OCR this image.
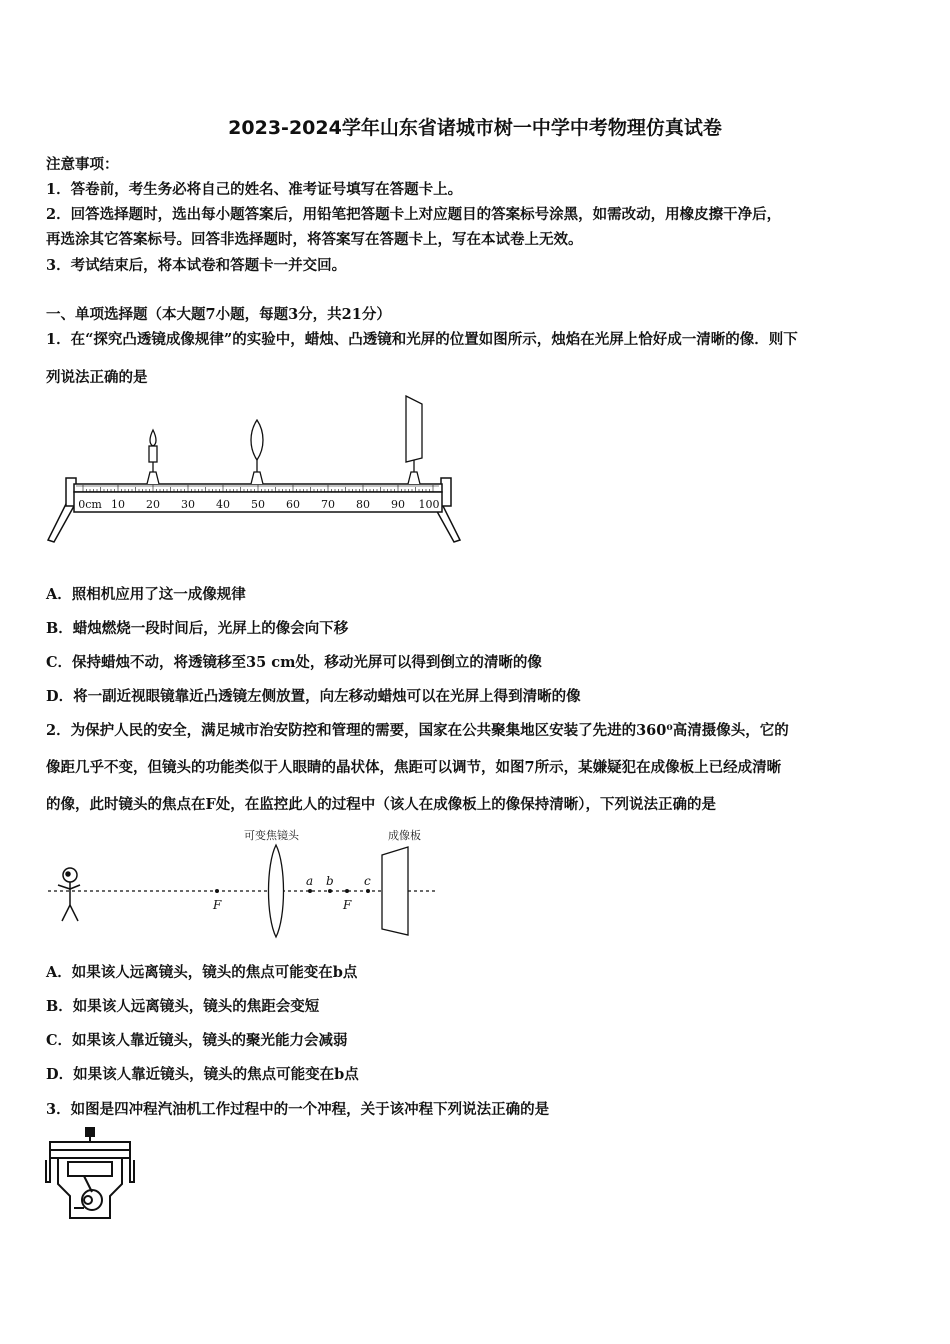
2023-2024学年山东省诸城市树一中学中考物理仿真试卷
注意事项：
1．答卷前，考生务必将自己的姓名、准考证号填写在答题卡上。
2．回答选择题时，选出每小题答案后，用铅笔把答题卡上对应题目的答案标号涂黑，如需改动，用橡皮擦干净后，
再选涂其它答案标号。回答非选择题时，将答案写在答题卡上，写在本试卷上无效。
3．考试结束后，将本试卷和答题卡一并交回。
一、单项选择题（本大题7小题，每题3分，共21分）
1．在“探究凸透镜成像规律”的实验中，蜡烛、凸透镜和光屏的位置如图所示，烛焰在光屏上恰好成一清晰的像．则下
列说法正确的是
0cm 10 20 30 40 50 60 70 80 90 100
A．照相机应用了这一成像规律
B．蜡烛燃烧一段时间后，光屏上的像会向下移
C．保持蜡烛不动，将透镜移至35 cm处，移动光屏可以得到倒立的清晰的像
D．将一副近视眼镜靠近凸透镜左侧放置，向左移动蜡烛可以在光屏上得到清晰的像
2．为保护人民的安全，满足城市治安防控和管理的需要，国家在公共聚集地区安装了先进的360⁰高清摄像头，它的
像距几乎不变，但镜头的功能类似于人眼睛的晶状体，焦距可以调节，如图7所示，某嫌疑犯在成像板上已经成清晰
的像，此时镜头的焦点在F处，在监控此人的过程中（该人在成像板上的像保持清晰），下列说法正确的是
可变焦镜头	成像板
F
a b
F
c
A．如果该人远离镜头，镜头的焦点可能变在b点
B．如果该人远离镜头，镜头的焦距会变短
C．如果该人靠近镜头，镜头的聚光能力会减弱
D．如果该人靠近镜头，镜头的焦点可能变在b点
3．如图是四冲程汽油机工作过程中的一个冲程，关于该冲程下列说法正确的是
